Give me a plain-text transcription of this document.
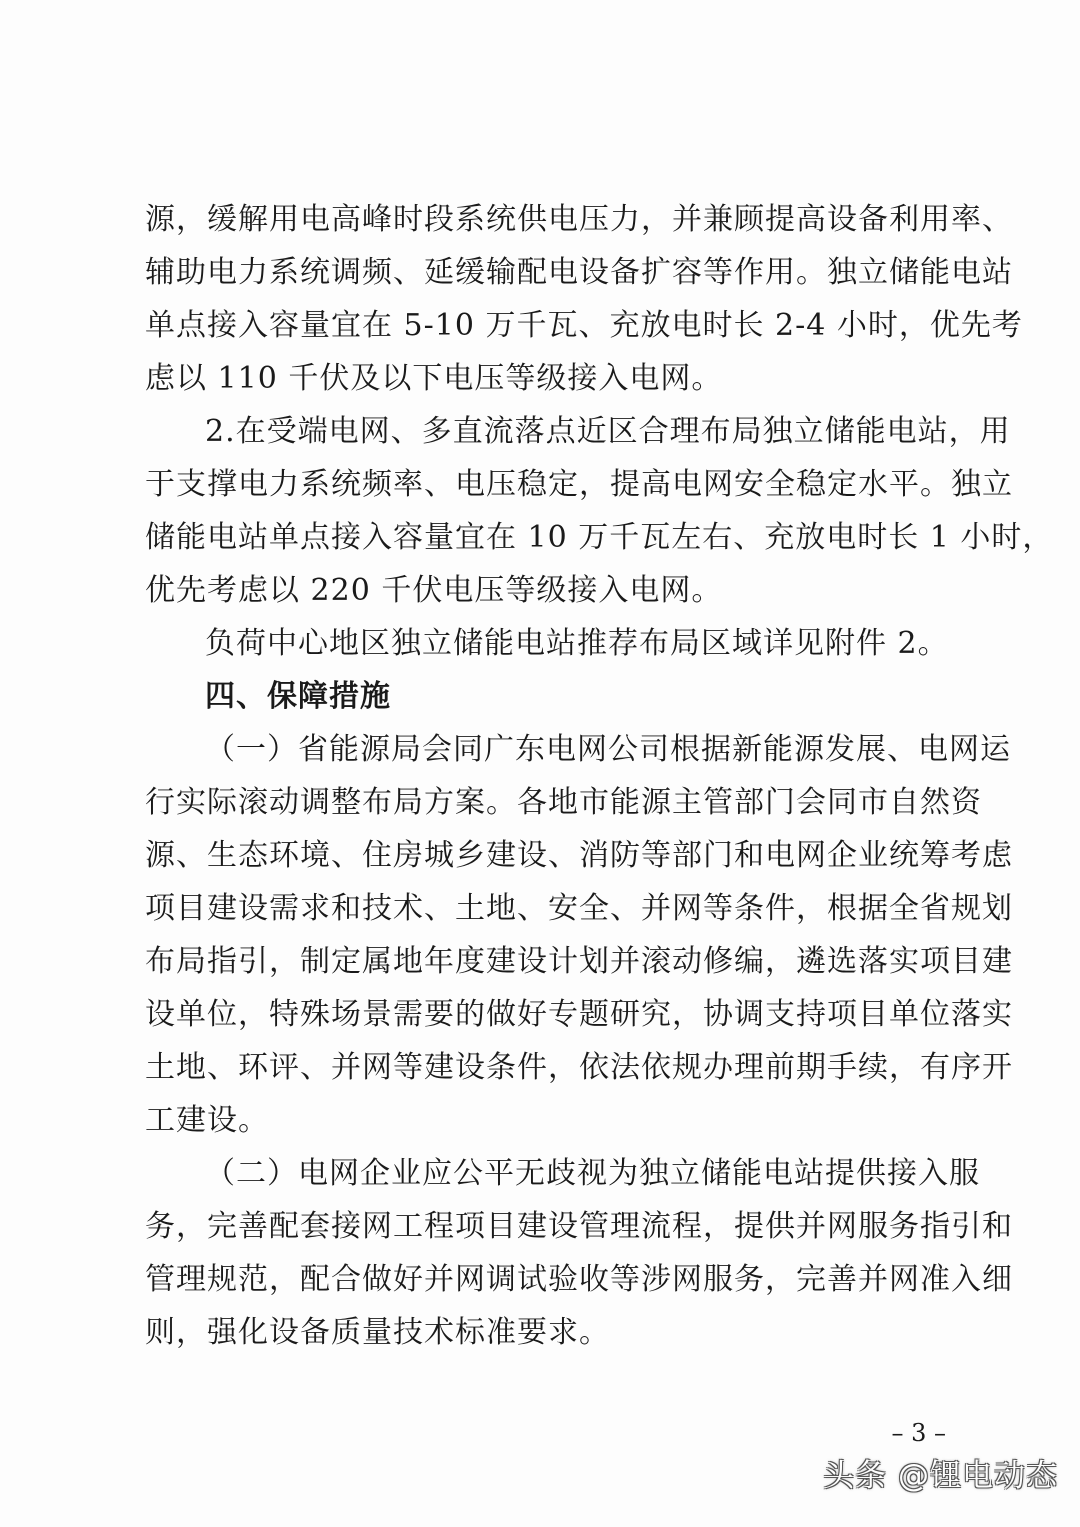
源，缓解用电高峰时段系统供电压力，并兼顾提高设备利用率、
辅助电力系统调频、延缓输配电设备扩容等作用。独立储能电站
单点接入容量宜在 5-10 万千瓦、充放电时长 2-4 小时，优先考
虑以 110 千伏及以下电压等级接入电网。
2.在受端电网、多直流落点近区合理布局独立储能电站，用
于支撑电力系统频率、电压稳定，提高电网安全稳定水平。独立
储能电站单点接入容量宜在 10 万千瓦左右、充放电时长 1 小时，
优先考虑以 220 千伏电压等级接入电网。
负荷中心地区独立储能电站推荐布局区域详见附件 2。
四、保障措施
（一）省能源局会同广东电网公司根据新能源发展、电网运
行实际滚动调整布局方案。各地市能源主管部门会同市自然资
源、生态环境、住房城乡建设、消防等部门和电网企业统筹考虑
项目建设需求和技术、土地、安全、并网等条件，根据全省规划
布局指引，制定属地年度建设计划并滚动修编，遴选落实项目建
设单位，特殊场景需要的做好专题研究，协调支持项目单位落实
土地、环评、并网等建设条件，依法依规办理前期手续，有序开
工建设。
（二）电网企业应公平无歧视为独立储能电站提供接入服
务，完善配套接网工程项目建设管理流程，提供并网服务指引和
管理规范，配合做好并网调试验收等涉网服务，完善并网准入细
则，强化设备质量技术标准要求。
– 3 –
头条 @锂电动态
